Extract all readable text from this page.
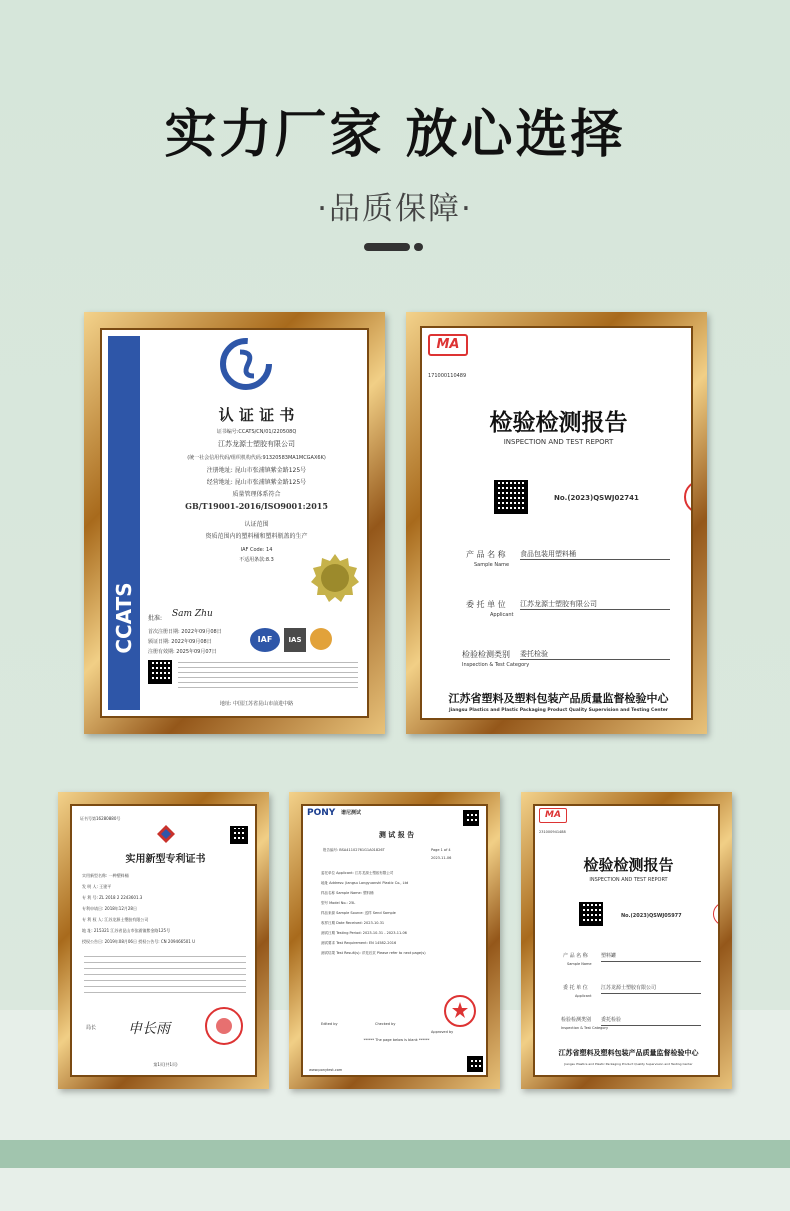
实力厂家 放心选择
·品质保障·
CCATS
认 证 证 书
证书编号:CCATS/CN/01/220508Q
江苏龙源士塑胶有限公司
(统一社会信用代码/组织机构代码:91320583MA1MCGAX6K)
注册地址: 昆山市张浦镇紫金路125号
经营地址: 昆山市张浦镇紫金路125号
质量管理体系符合
GB/T19001-2016/ISO9001:2015
认证范围
资质范围内的塑料桶和塑料瓶盖的生产
IAF Code: 14
不适用条款:8.3
批准: Sam Zhu
首次注册日期: 2022年09月08日
颁证日期: 2022年09月08日
注册有效期: 2025年09月07日
IAF	IAS
地址: 中国江苏省昆山市前进中路
MA
171000110489
检验检测报告
INSPECTION AND TEST REPORT
No.(2023)QSWJ02741
产 品 名 称
Sample Name
食品包装用塑料桶
委 托 单 位
Applicant
江苏龙源士塑胶有限公司
检验检测类别
Inspection & Test Category
委托检验
江苏省塑料及塑料包装产品质量监督检验中心
Jiangsu Plastics and Plastic Packaging Product Quality Supervision and Testing Center
证书号第16280880号
实用新型专利证书
实用新型名称: 一种塑料桶
发 明 人: 王建平
专 利 号: ZL 2018 2 2243601.3
专利申请日: 2018年12月28日
专 利 权 人: 江苏龙源士塑胶有限公司
地 址: 215321 江苏省昆山市张浦镇紫金路125号
授权公告日: 2019年08月06日 授权公告号: CN 209466501 U
局长 申长雨
第1页(共1页)
PONY 谱尼测试
测 试 报 告
报告编号: BSA41102761G1A01826T	Page 1 of 4
2023-11-06
委托单位 Applicant: 江苏龙源士塑胶有限公司
地址 Address: Jiangsu Longyuanshi Plastic Co., Ltd
样品名称 Sample Name: 塑料桶
型号 Model No.: 25L
样品来源 Sample Source: 送样 Send Sample
收样日期 Date Received: 2023-10-31
测试日期 Testing Period: 2023-10-31 - 2023-11-06
测试要求 Test Requirement: EN 14582-2016
测试结果 Test Result(s): 详见后页 Please refer to next page(s)
Edited by	Checked by
Approved by
****** The page below is blank ******
www.ponytest.com
MA
231000941488
检验检测报告
INSPECTION AND TEST REPORT
No.(2023)QSWJ05977
产 品 名 称
Sample Name
塑料罐
委 托 单 位
Applicant
江苏龙源士塑胶有限公司
检验检测类别
Inspection & Test Category
委托检验
江苏省塑料及塑料包装产品质量监督检验中心
Jiangsu Plastics and Plastic Packaging Product Quality Supervision and Testing Center
